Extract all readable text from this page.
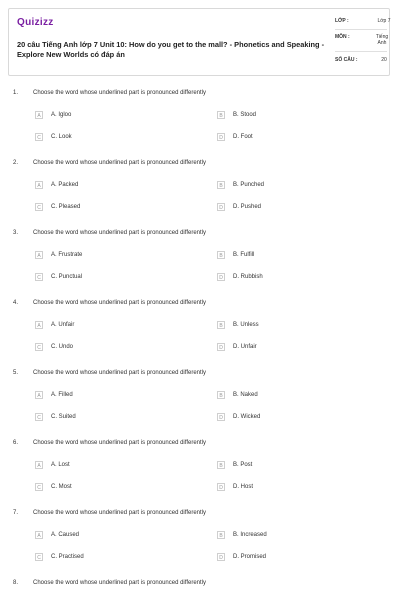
Quizizz
20 câu Tiếng Anh lớp 7 Unit 10: How do you get to the mall? - Phonetics and Speaking - Explore New Worlds có đáp án
LỚP :	Lớp 7
MÔN :	Tiếng Anh
SỐ CÂU :	20
1. Choose the word whose underlined part is pronounced differently
A	A. Igloo	B	B. Stood
C	C. Look	D	D. Foot
2. Choose the word whose underlined part is pronounced differently
A	A. Packed	B	B. Punched
C	C. Pleased	D	D. Pushed
3. Choose the word whose underlined part is pronounced differently
A	A. Frustrate	B	B. Fulfill
C	C. Punctual	D	D. Rubbish
4. Choose the word whose underlined part is pronounced differently
A	A. Unfair	B	B. Unless
C	C. Undo	D	D. Unfair
5. Choose the word whose underlined part is pronounced differently
A	A. Filled	B	B. Naked
C	C. Suited	D	D. Wicked
6. Choose the word whose underlined part is pronounced differently
A	A. Lost	B	B. Post
C	C. Most	D	D. Host
7. Choose the word whose underlined part is pronounced differently
A	A. Caused	B	B. Increased
C	C. Practised	D	D. Promised
8. Choose the word whose underlined part is pronounced differently
